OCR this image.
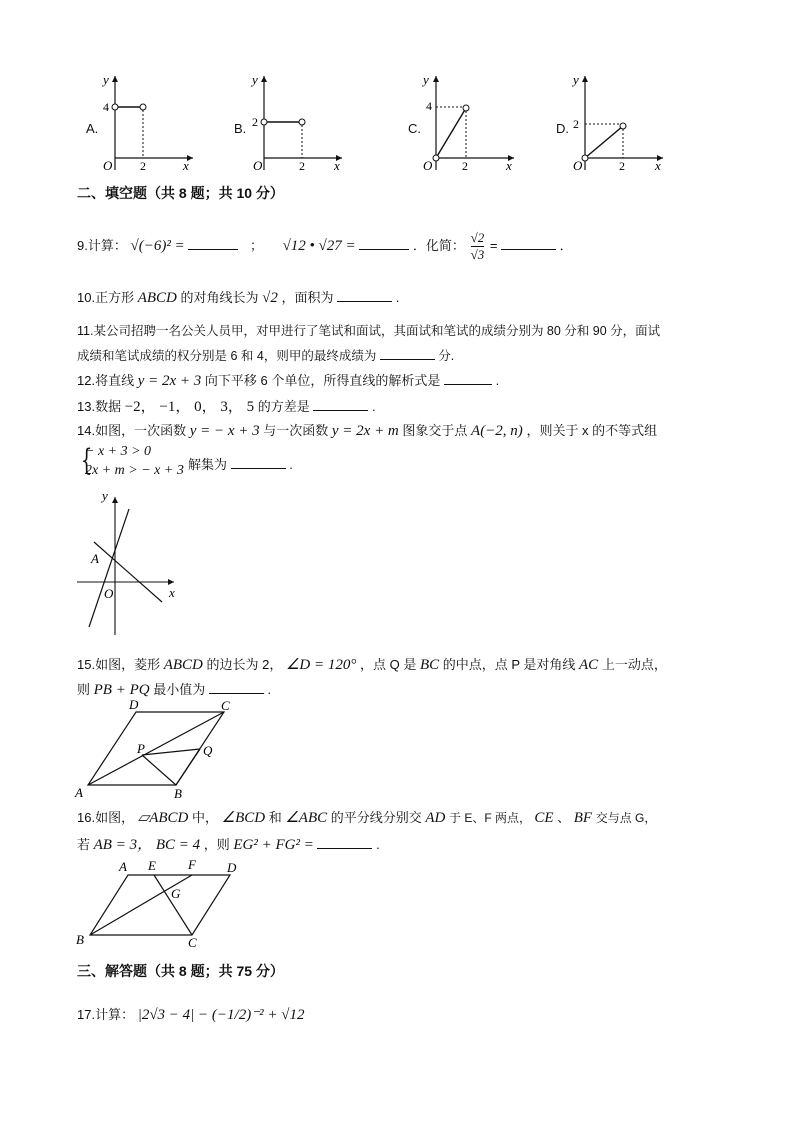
A.
y
4
2	x
O
B.
y
2
2 x
O
C.
y
4
2	x
O
D.
y
2
2 x
O
二、填空题（共 8 题；共 10 分）
9.计算： √(−6)² =	； √12 • √27 =	．化简： $\frac{√2}{√3}$ =	．
10.正方形 ABCD 的对角线长为 √2 ，面积为	.
11.某公司招聘一名公关人员甲，对甲进行了笔试和面试，其面试和笔试的成绩分别为 80 分和 90 分，面试
成绩和笔试成绩的权分别是 6 和 4，则甲的最终成绩为	分.
12.将直线 y = 2x + 3 向下平移 6 个单位，所得直线的解析式是	.
13.数据 −2， −1， 0， 3， 5 的方差是	.
14.如图，一次函数 y = − x + 3 与一次函数 y = 2x + m 图象交于点 A(−2, n) ，则关于 x 的不等式组
{
− x + 3 > 0
2x + m > − x + 3 解集为	.
y
x
A
O
15.如图，菱形 ABCD 的边长为 2， ∠D = 120° ，点 Q 是 BC 的中点，点 P 是对角线 AC 上一动点，
则 PB + PQ 最小值为	.
A	B
C
D
P	Q
16.如图， ▱ABCD 中， ∠BCD 和 ∠ABC 的平分线分别交 AD 于 E、F 两点， CE 、 BF 交与点 G，
若 AB = 3， BC = 4 ，则 EG² + FG² =	.
A E F D
G
B	C
三、解答题（共 8 题；共 75 分）
17.计算： |2√3 − 4| − (−1/2)⁻² + √12
